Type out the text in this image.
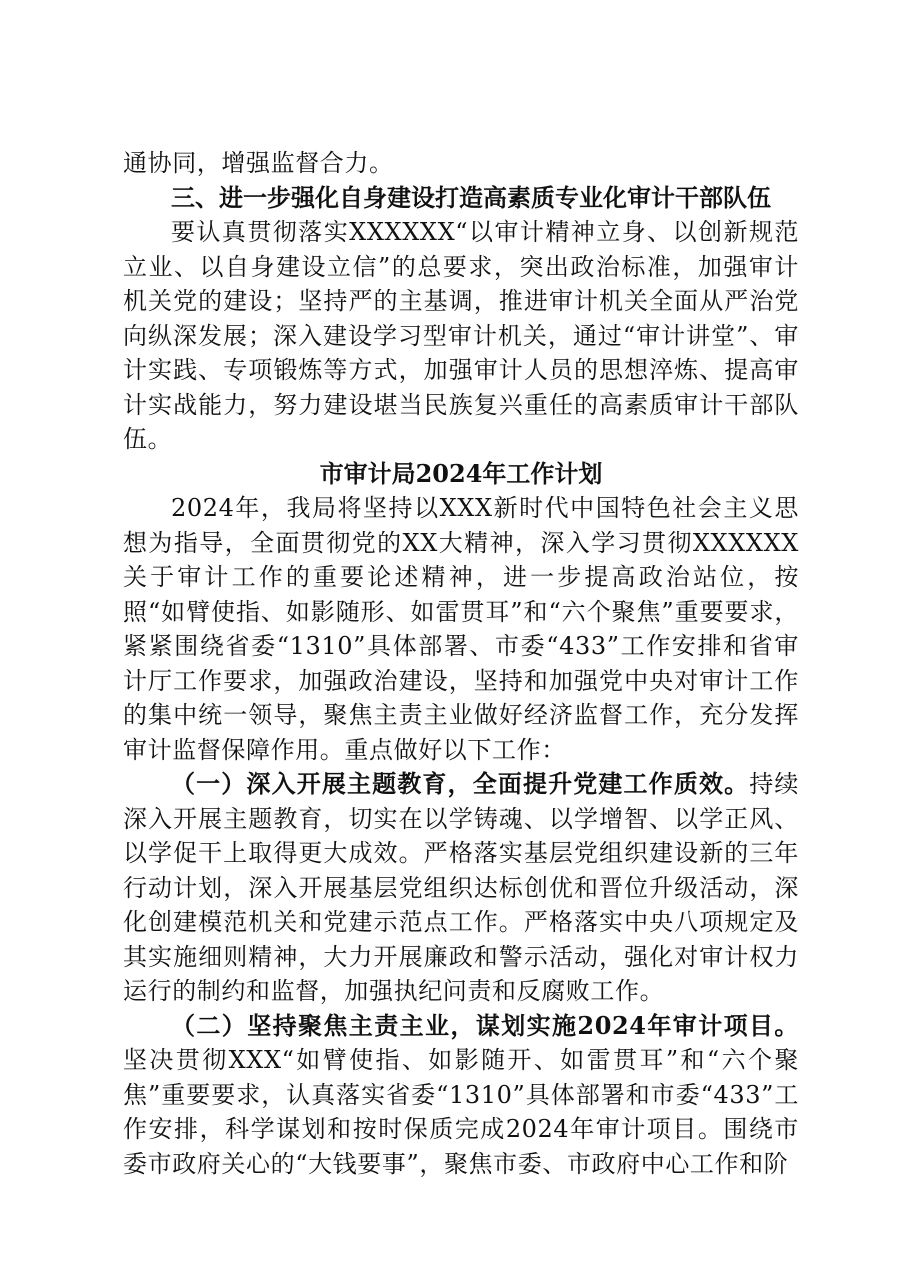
通协同，增强监督合力。

三、进一步强化自身建设打造高素质专业化审计干部队伍

要认真贯彻落实XXXXXX“以审计精神立身、以创新规范立业、以自身建设立信”的总要求，突出政治标准，加强审计机关党的建设；坚持严的主基调，推进审计机关全面从严治党向纵深发展；深入建设学习型审计机关，通过“审计讲堂”、审计实践、专项锻炼等方式，加强审计人员的思想淬炼、提高审计实战能力，努力建设堪当民族复兴重任的高素质审计干部队伍。

市审计局2024年工作计划

2024年，我局将坚持以XXX新时代中国特色社会主义思想为指导，全面贯彻党的XX大精神，深入学习贯彻XXXXXX关于审计工作的重要论述精神，进一步提高政治站位，按照“如臂使指、如影随形、如雷贯耳”和“六个聚焦”重要要求，紧紧围绕省委“1310”具体部署、市委“433”工作安排和省审计厅工作要求，加强政治建设，坚持和加强党中央对审计工作的集中统一领导，聚焦主责主业做好经济监督工作，充分发挥审计监督保障作用。重点做好以下工作：

（一）深入开展主题教育，全面提升党建工作质效。持续深入开展主题教育，切实在以学铸魂、以学增智、以学正风、以学促干上取得更大成效。严格落实基层党组织建设新的三年行动计划，深入开展基层党组织达标创优和晋位升级活动，深化创建模范机关和党建示范点工作。严格落实中央八项规定及其实施细则精神，大力开展廉政和警示活动，强化对审计权力运行的制约和监督，加强执纪问责和反腐败工作。

（二）坚持聚焦主责主业，谋划实施2024年审计项目。坚决贯彻XXX“如臂使指、如影随开、如雷贯耳”和“六个聚焦”重要要求，认真落实省委“1310”具体部署和市委“433”工作安排，科学谋划和按时保质完成2024年审计项目。围绕市委市政府关心的“大钱要事”，聚焦市委、市政府中心工作和阶
